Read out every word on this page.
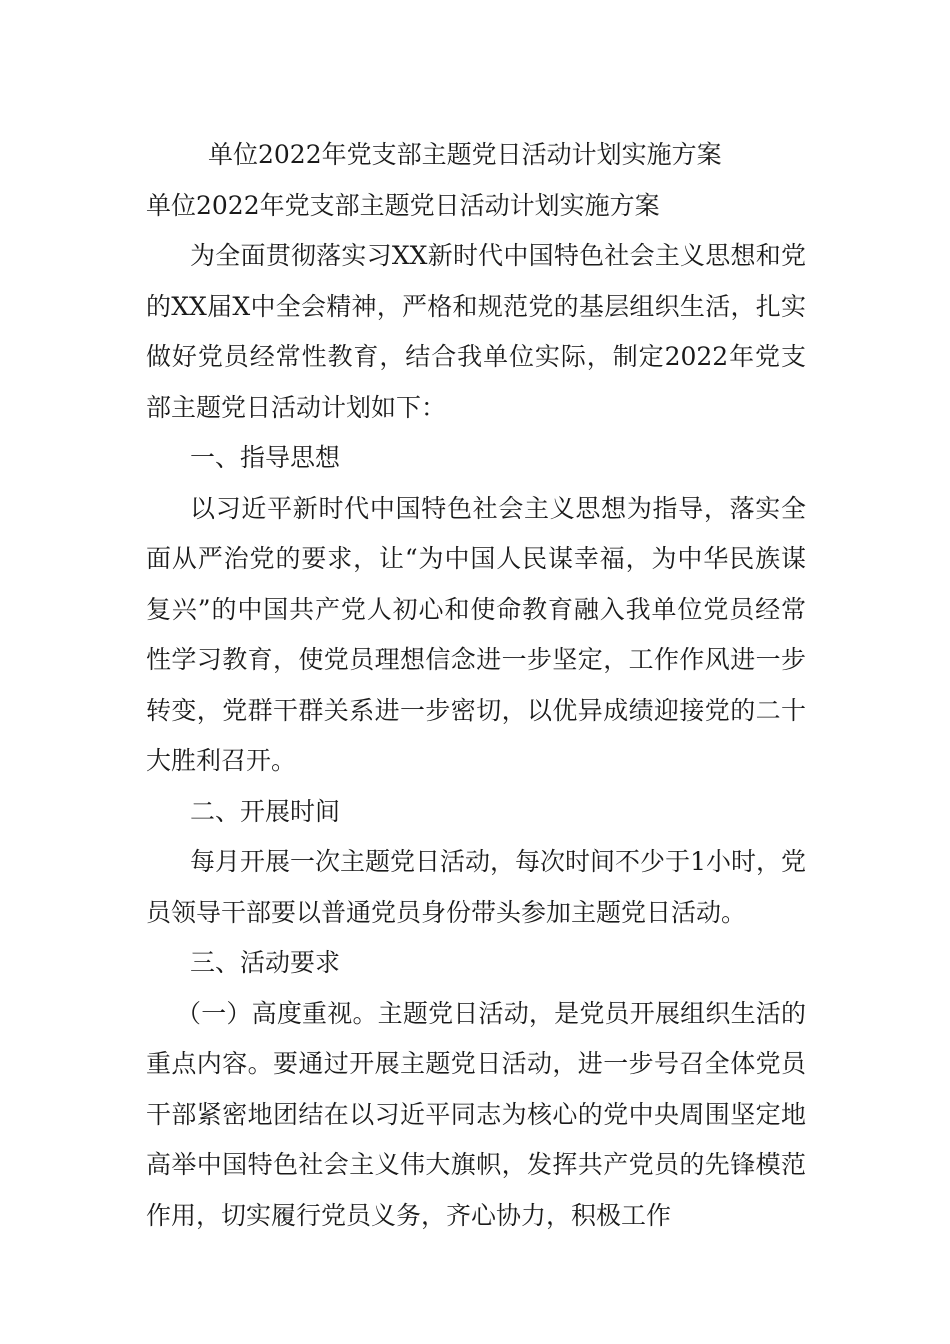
单位2022年党支部主题党日活动计划实施方案

单位2022年党支部主题党日活动计划实施方案

为全面贯彻落实习XX新时代中国特色社会主义思想和党的XX届X中全会精神，严格和规范党的基层组织生活，扎实做好党员经常性教育，结合我单位实际，制定2022年党支部主题党日活动计划如下：

一、指导思想

以习近平新时代中国特色社会主义思想为指导，落实全面从严治党的要求，让“为中国人民谋幸福，为中华民族谋复兴”的中国共产党人初心和使命教育融入我单位党员经常性学习教育，使党员理想信念进一步坚定，工作作风进一步转变，党群干群关系进一步密切，以优异成绩迎接党的二十大胜利召开。

二、开展时间

每月开展一次主题党日活动，每次时间不少于1小时，党员领导干部要以普通党员身份带头参加主题党日活动。

三、活动要求

（一）高度重视。主题党日活动，是党员开展组织生活的重点内容。要通过开展主题党日活动，进一步号召全体党员干部紧密地团结在以习近平同志为核心的党中央周围坚定地高举中国特色社会主义伟大旗帜，发挥共产党员的先锋模范作用，切实履行党员义务，齐心协力，积极工作
